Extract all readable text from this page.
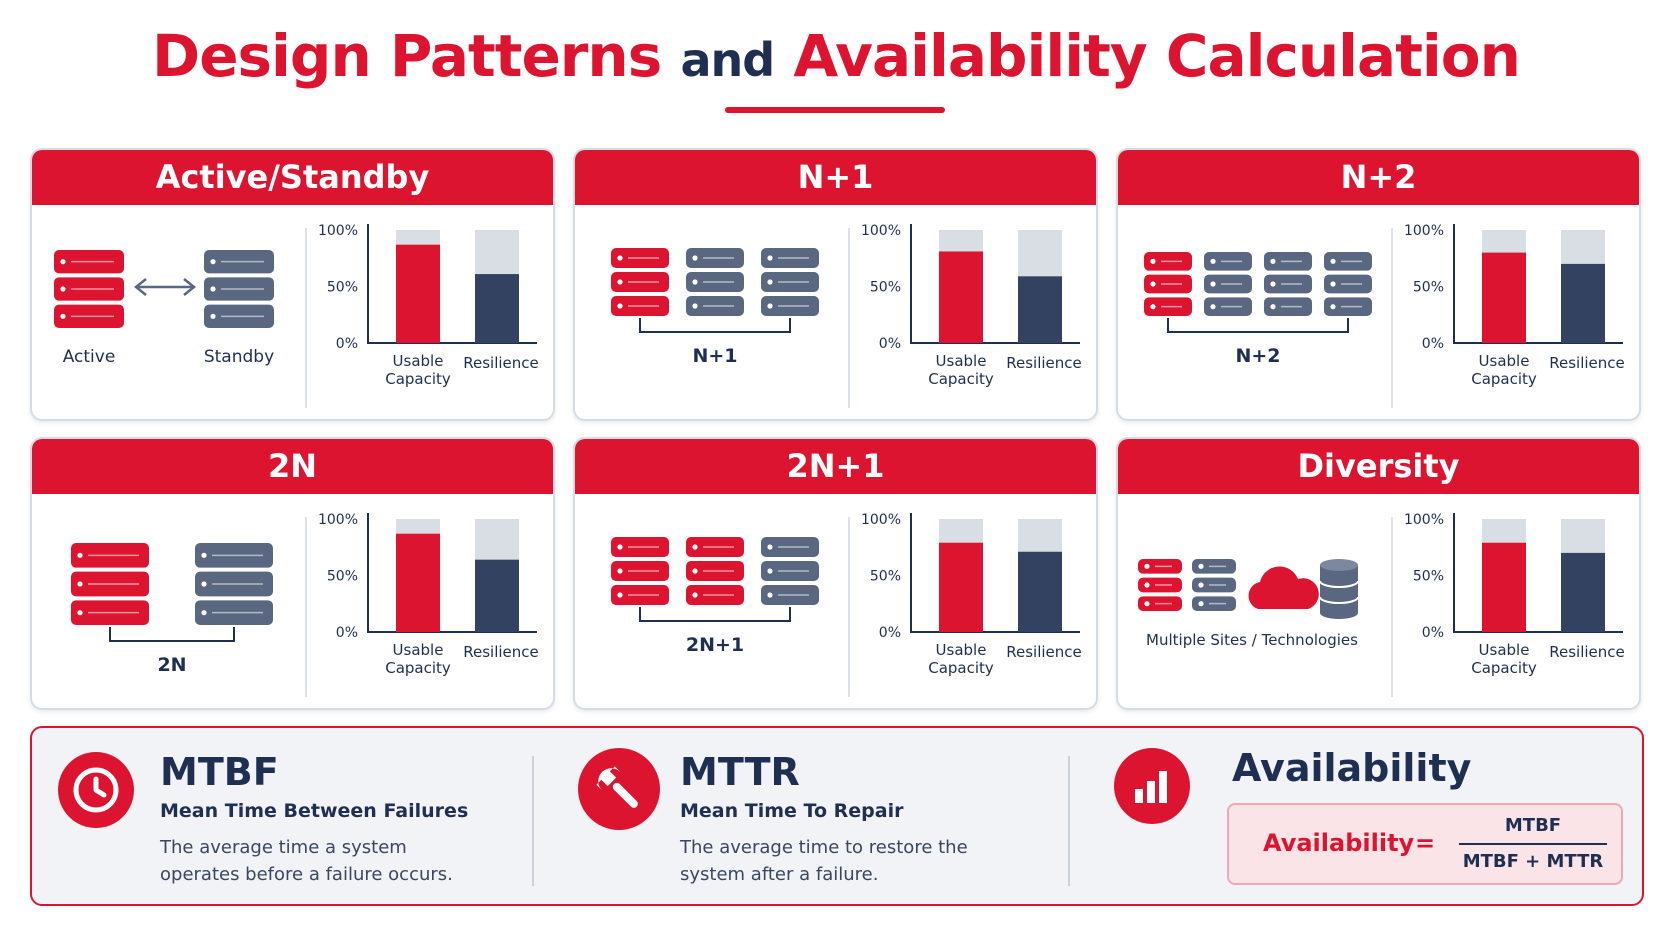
Design Patterns and Availability Calculation
Active	Standby
100%
50%
0%
Usable
Capacity
Resilience
Active/Standby
N+1
100%
50%
0%
Usable
Capacity
Resilience
N+1
N+2
100%
50%
0%
Usable
Capacity
Resilience
N+2
2N
100%
50%
0%
Usable
Capacity
Resilience
2N
2N+1
100%
50%
0%
Usable
Capacity
Resilience
2N+1
Multiple Sites / Technologies
100%
50%
0%
Usable
Capacity
Resilience
Diversity
MTBF
Mean Time Between Failures
The average time a system operates before a failure occurs.
MTTR
Mean Time To Repair
The average time to restore the system after a failure.
Availability
Availability =
MTBF
MTBF + MTTR
